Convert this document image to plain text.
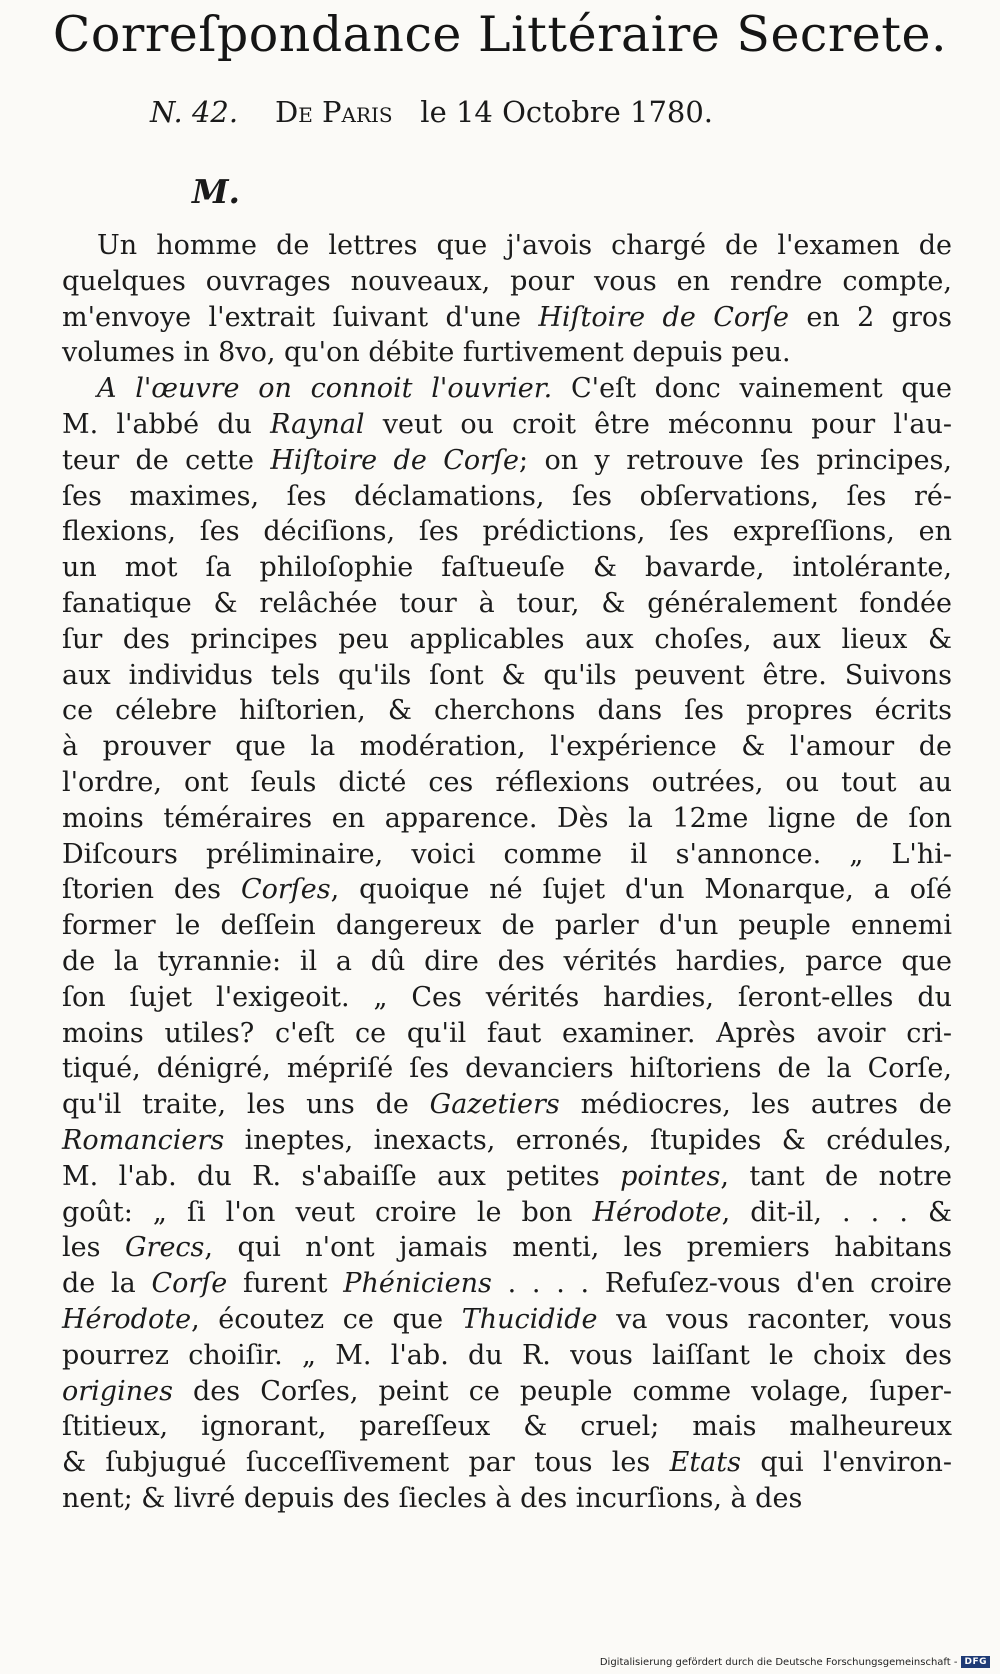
Correſpondance Littéraire Secrete.
N. 42. De Paris le 14 Octobre 1780.
M.
Un homme de lettres que j'avois chargé de l'examen de
quelques ouvrages nouveaux, pour vous en rendre compte,
m'envoye l'extrait ſuivant d'une Hiſtoire de Corſe en 2 gros
volumes in 8vo, qu'on débite furtivement depuis peu.
A l'œuvre on connoit l'ouvrier. C'eſt donc vainement que
M. l'abbé du Raynal veut ou croit être méconnu pour l'au-
teur de cette Hiſtoire de Corſe; on y retrouve ſes principes,
ſes maximes, ſes déclamations, ſes obſervations, ſes ré-
flexions, ſes déciſions, ſes prédictions, ſes expreſſions, en
un mot ſa philoſophie faſtueuſe & bavarde, intolérante,
fanatique & relâchée tour à tour, & généralement fondée
ſur des principes peu applicables aux choſes, aux lieux &
aux individus tels qu'ils ſont & qu'ils peuvent être. Suivons
ce célebre hiſtorien, & cherchons dans ſes propres écrits
à prouver que la modération, l'expérience & l'amour de
l'ordre, ont ſeuls dicté ces réflexions outrées, ou tout au
moins téméraires en apparence. Dès la 12me ligne de ſon
Diſcours préliminaire, voici comme il s'annonce. „ L'hi-
ſtorien des Corſes, quoique né ſujet d'un Monarque, a oſé
former le deſſein dangereux de parler d'un peuple ennemi
de la tyrannie: il a dû dire des vérités hardies, parce que
ſon ſujet l'exigeoit. „ Ces vérités hardies, ſeront-elles du
moins utiles? c'eſt ce qu'il faut examiner. Après avoir cri-
tiqué, dénigré, mépriſé ſes devanciers hiſtoriens de la Corſe,
qu'il traite, les uns de Gazetiers médiocres, les autres de
Romanciers ineptes, inexacts, erronés, ſtupides & crédules,
M. l'ab. du R. s'abaiſſe aux petites pointes, tant de notre
goût: „ ſi l'on veut croire le bon Hérodote, dit-il, . . . &
les Grecs, qui n'ont jamais menti, les premiers habitans
de la Corſe furent Phéniciens . . . . Refuſez-vous d'en croire
Hérodote, écoutez ce que Thucidide va vous raconter, vous
pourrez choiſir. „ M. l'ab. du R. vous laiſſant le choix des
origines des Corſes, peint ce peuple comme volage, ſuper-
ſtitieux, ignorant, pareſſeux & cruel; mais malheureux
& ſubjugué ſucceſſivement par tous les Etats qui l'environ-
nent; & livré depuis des ſiecles à des incurſions, à des
Digitalisierung gefördert durch die Deutsche Forschungsgemeinschaft - DFG
